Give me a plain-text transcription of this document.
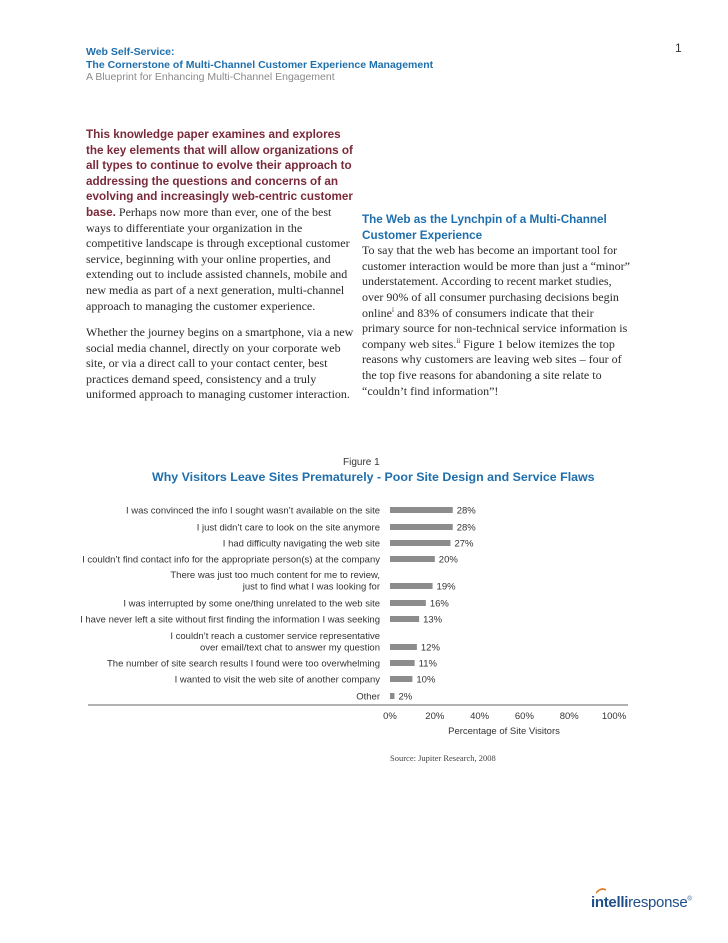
1
Web Self-Service:
The Cornerstone of Multi-Channel Customer Experience Management
A Blueprint for Enhancing Multi-Channel Engagement
This knowledge paper examines and explores the key elements that will allow organizations of all types to continue to evolve their approach to addressing the questions and concerns of an evolving and increasingly web-centric customer base. Perhaps now more than ever, one of the best ways to differentiate your organization in the competitive landscape is through exceptional customer service, beginning with your online properties, and extending out to include assisted channels, mobile and new media as part of a next generation, multi-channel approach to managing the customer experience.
Whether the journey begins on a smartphone, via a new social media channel, directly on your corporate web site, or via a direct call to your contact center, best practices demand speed, consistency and a truly uniformed approach to managing customer interaction.
The Web as the Lynchpin of a Multi-Channel Customer Experience
To say that the web has become an important tool for customer interaction would be more than just a “minor” understatement. According to recent market studies, over 90% of all consumer purchasing decisions begin online$^i$ and 83% of consumers indicate that their primary source for non-technical service information is company web sites.$^{ii}$ Figure 1 below itemizes the top reasons why customers are leaving web sites – four of the top five reasons for abandoning a site relate to “couldn’t find information”!
Figure 1
Why Visitors Leave Sites Prematurely - Poor Site Design and Service Flaws
I was convinced the info I sought wasn’t available on the site	28%
I just didn’t care to look on the site anymore	28%
I had difficulty navigating the web site	27%
I couldn’t find contact info for the appropriate person(s) at the company	20%
There was just too much content for me to review,
just to find what I was looking for	19%
I was interrupted by some one/thing unrelated to the web site	16%
I have never left a site without first finding the information I was seeking	13%
I couldn’t reach a customer service representative
over email/text chat to answer my question	12%
The number of site search results I found were too overwhelming	11%
I wanted to visit the web site of another company	10%
Other 2%
0%	20%	40%	60%	80% 100%
Percentage of Site Visitors
Source: Jupiter Research, 2008
intelliresponse®
